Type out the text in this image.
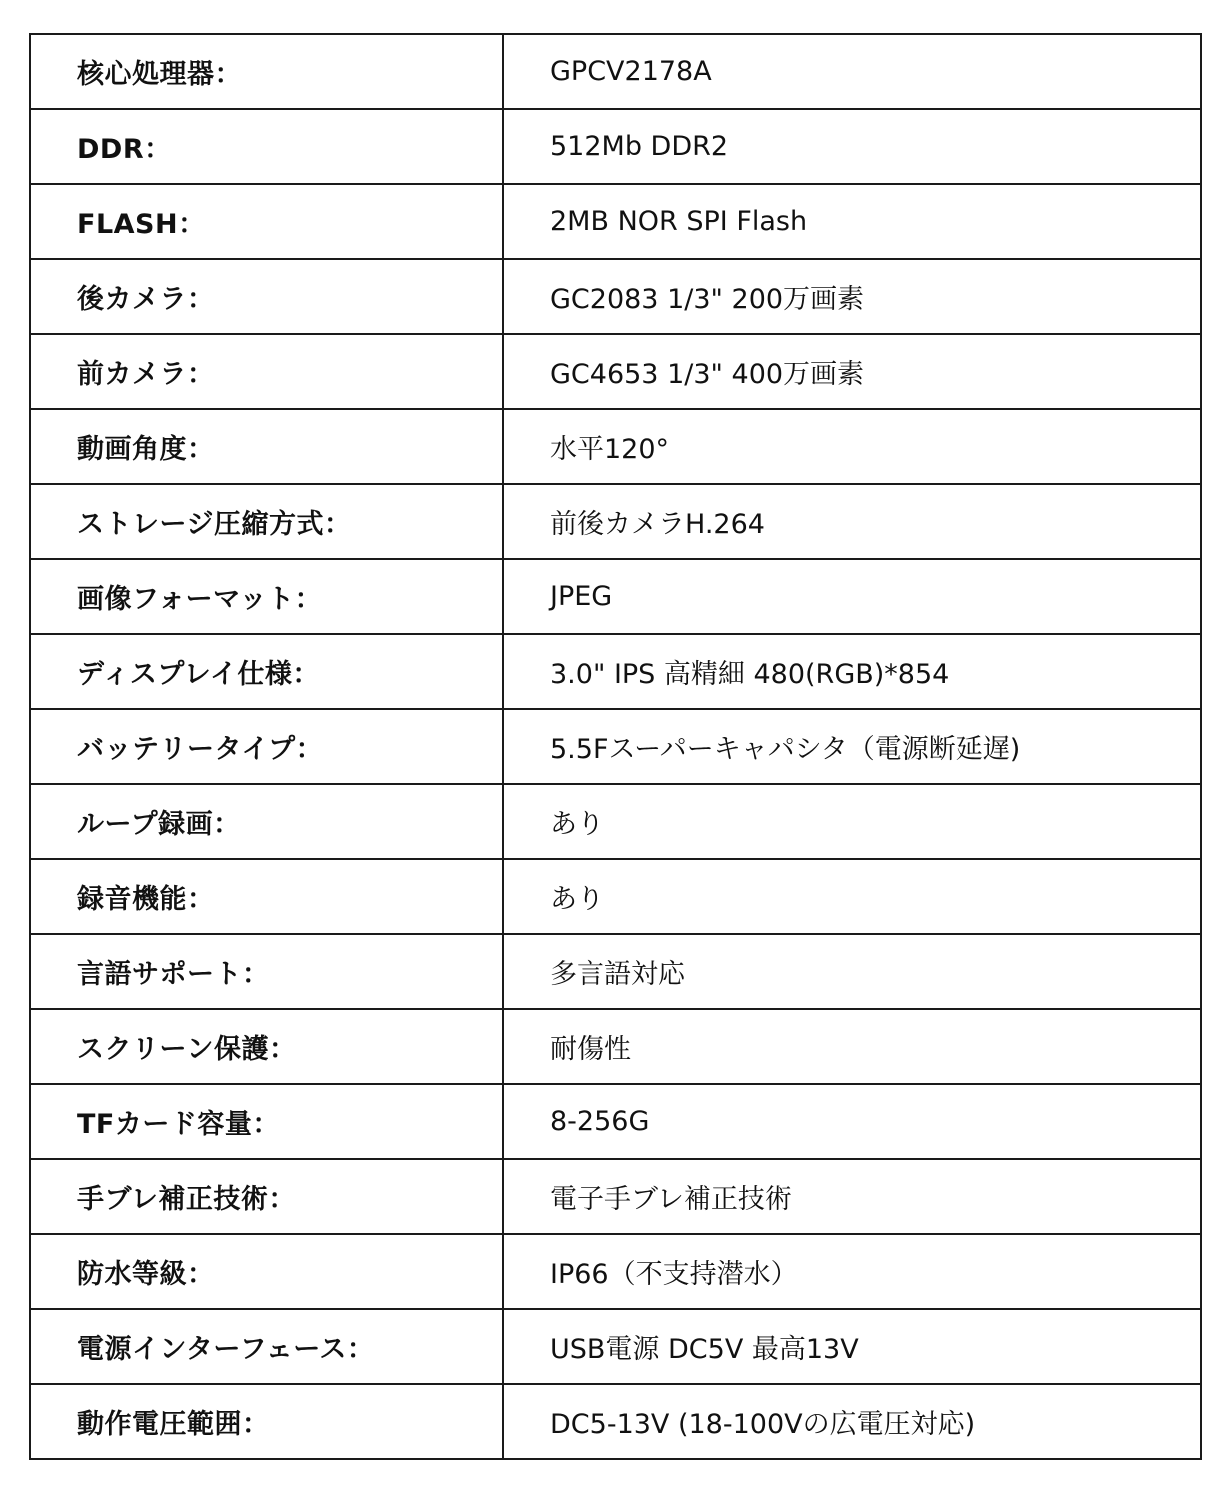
核心処理器：	GPCV2178A
DDR：	512Mb DDR2
FLASH：	2MB NOR SPI Flash
後カメラ：	GC2083 1/3" 200万画素
前カメラ：	GC4653 1/3" 400万画素
動画角度：	水平120°
ストレージ圧縮方式：	前後カメラH.264
画像フォーマット：	JPEG
ディスプレイ仕様：	3.0" IPS 高精細 480(RGB)*854
バッテリータイプ：	5.5Fスーパーキャパシタ（電源断延遅)
ループ録画：	あり
録音機能：	あり
言語サポート：	多言語対応
スクリーン保護：	耐傷性
TFカード容量：	8-256G
手ブレ補正技術：	電子手ブレ補正技術
防水等級：	IP66（不支持潜水）
電源インターフェース：	USB電源 DC5V 最高13V
動作電圧範囲：	DC5-13V (18-100Vの広電圧対応)
